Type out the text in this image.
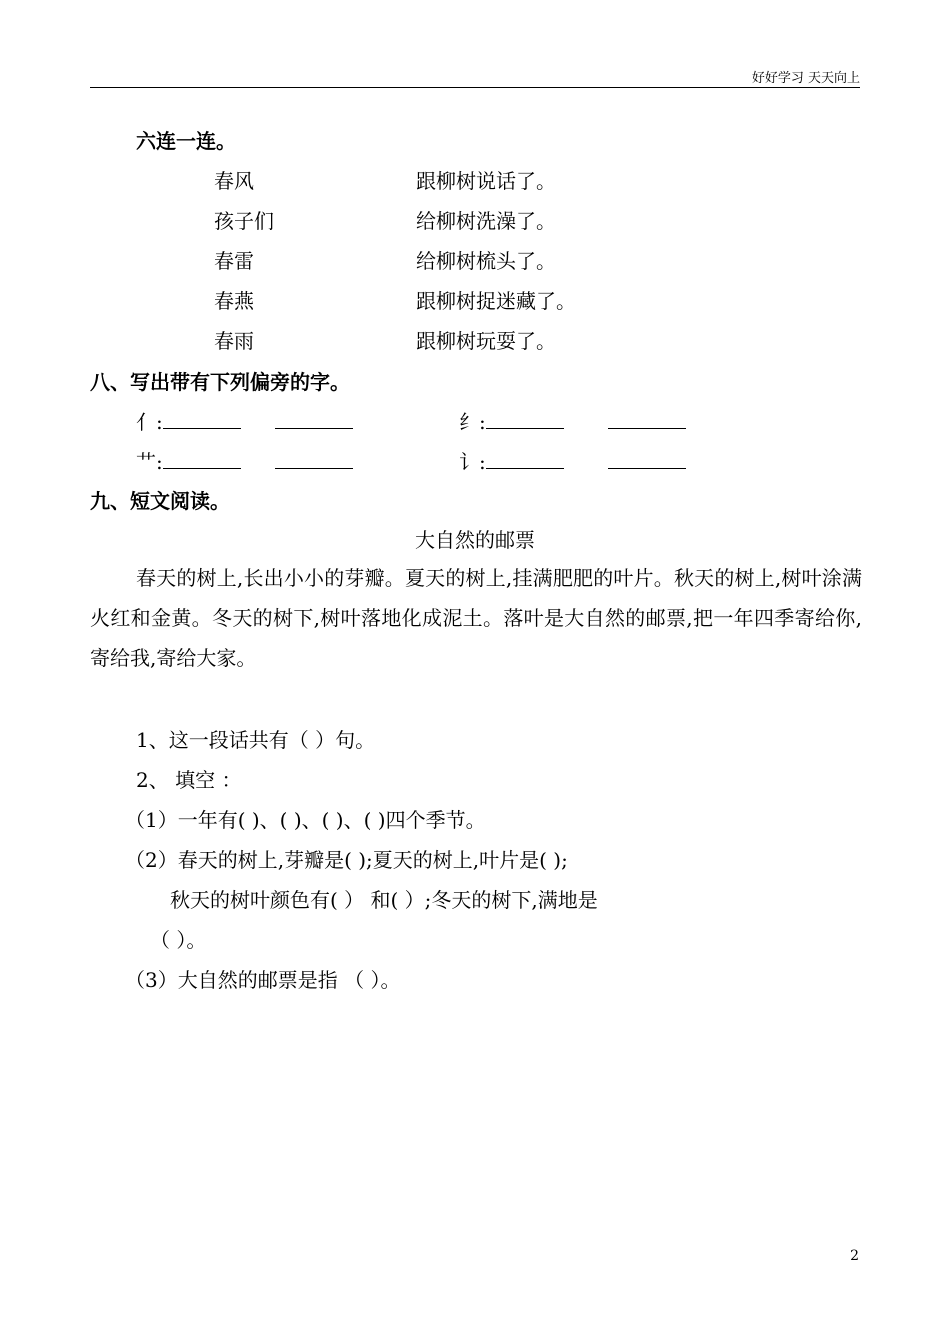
好好学习 天天向上
六连一连。
春风
孩子们
春雷
春燕
春雨
跟柳树说话了。
给柳树洗澡了。
给柳树梳头了。
跟柳树捉迷藏了。
跟柳树玩耍了。
八、写出带有下列偏旁的字。
亻:	纟:
艹:	讠:
九、短文阅读。
大自然的邮票
春天的树上,长出小小的芽瓣。夏天的树上,挂满肥肥的叶片。秋天的树上,树叶涂满火红和金黄。冬天的树下,树叶落地化成泥土。落叶是大自然的邮票,把一年四季寄给你,寄给我,寄给大家。
1、这一段话共有（ ）句。
2、 填空 ：
（1）一年有( )、( )、( )、( )四个季节。
（2）春天的树上,芽瓣是( );夏天的树上,叶片是( );
秋天的树叶颜色有( ） 和( ）;冬天的树下,满地是
（ ）。
（3）大自然的邮票是指 （ ）。
2
